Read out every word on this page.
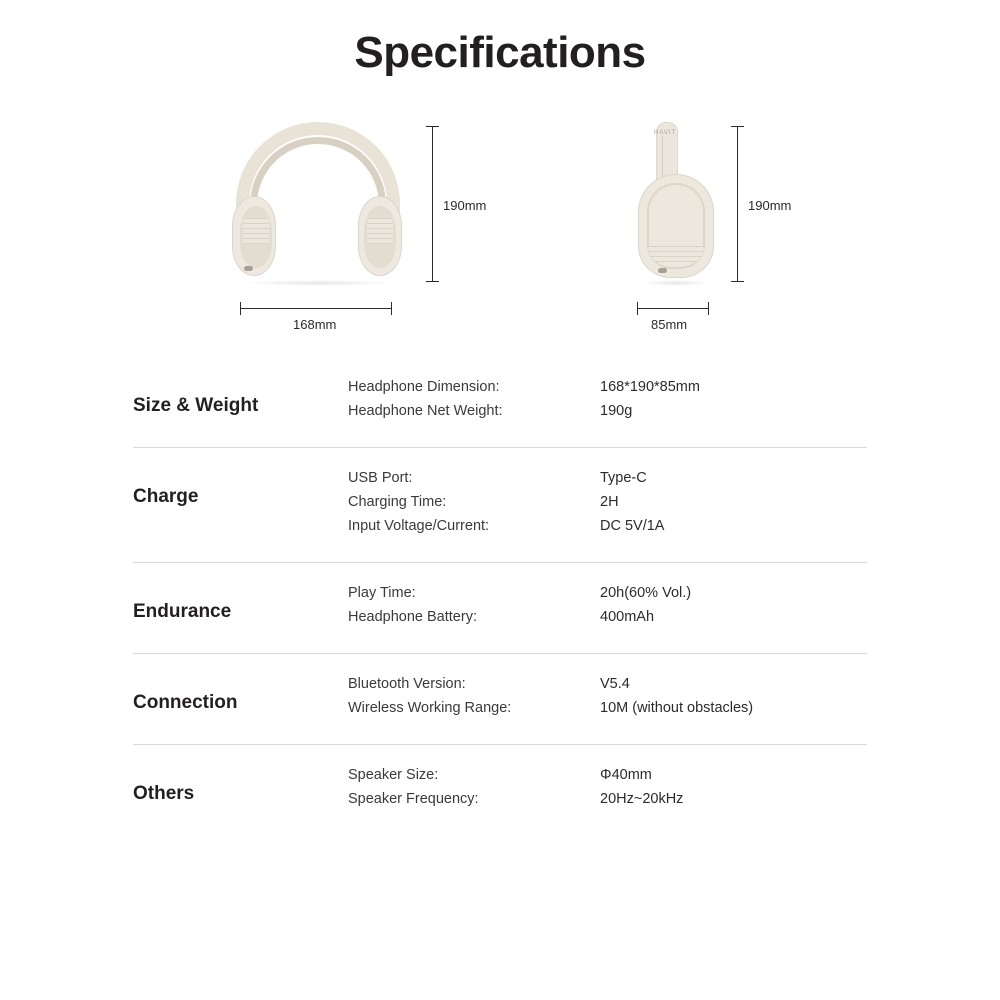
Specifications
HAVIT
190mm
168mm
190mm
85mm
Size & Weight
Headphone Dimension:
Headphone Net Weight:
168*190*85mm
190g
Charge
USB Port:
Charging Time:
Input Voltage/Current:
Type-C
2H
DC 5V/1A
Endurance
Play Time:
Headphone Battery:
20h(60% Vol.)
400mAh
Connection
Bluetooth Version:
Wireless Working Range:
V5.4
10M (without obstacles)
Others
Speaker Size:
Speaker Frequency:
Φ40mm
20Hz~20kHz
